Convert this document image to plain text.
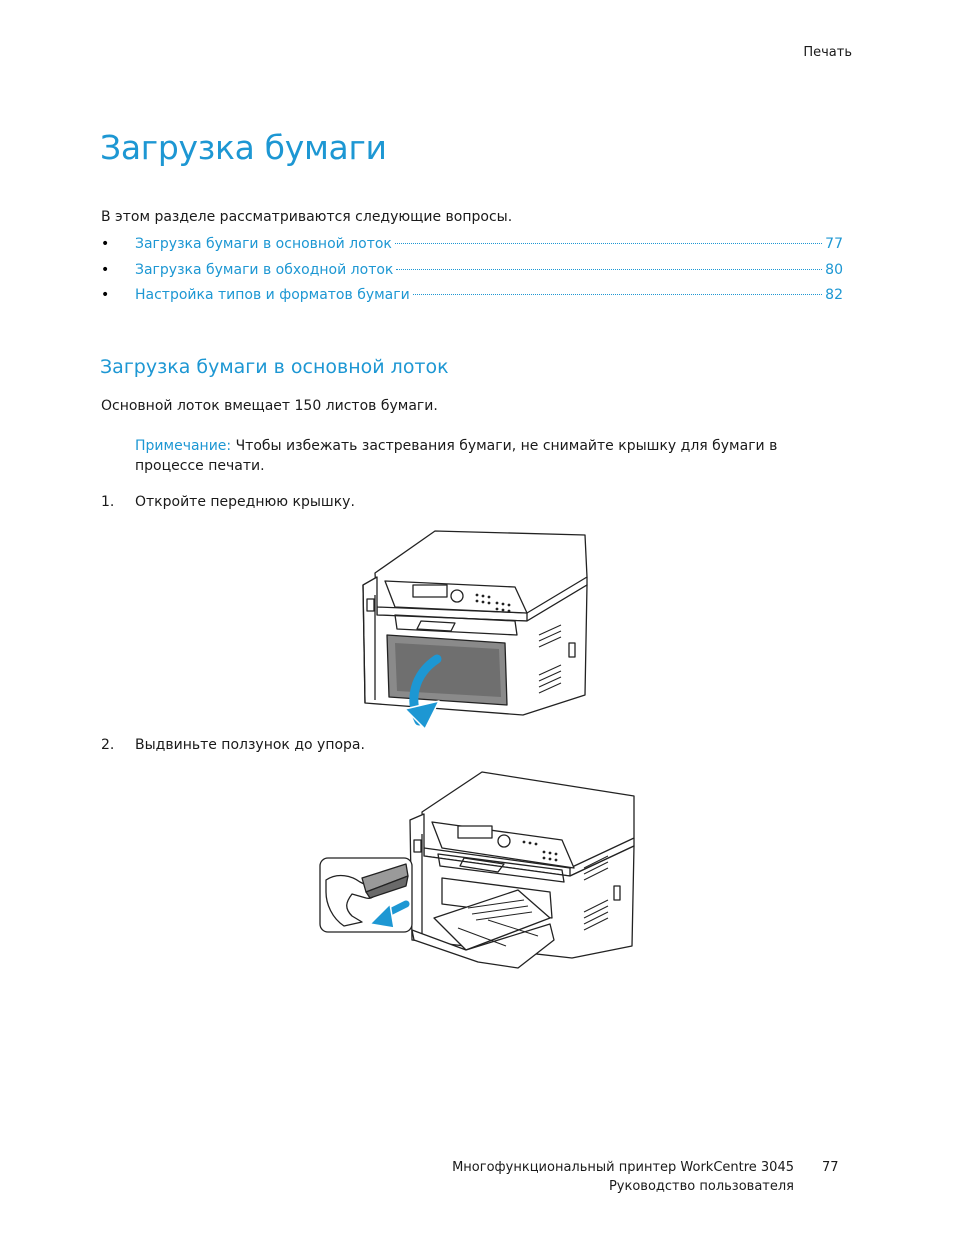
Печать
Загрузка бумаги
В этом разделе рассматриваются следующие вопросы.
•	Загрузка бумаги в основной лоток	77
•	Загрузка бумаги в обходной лоток	80
•	Настройка типов и форматов бумаги	82
Загрузка бумаги в основной лоток
Основной лоток вмещает 150 листов бумаги.
Примечание: Чтобы избежать застревания бумаги, не снимайте крышку для бумаги в процессе печати.
1. Откройте переднюю крышку.
2. Выдвиньте ползунок до упора.
Многофункциональный принтер WorkCentre 3045
Руководство пользователя
77
